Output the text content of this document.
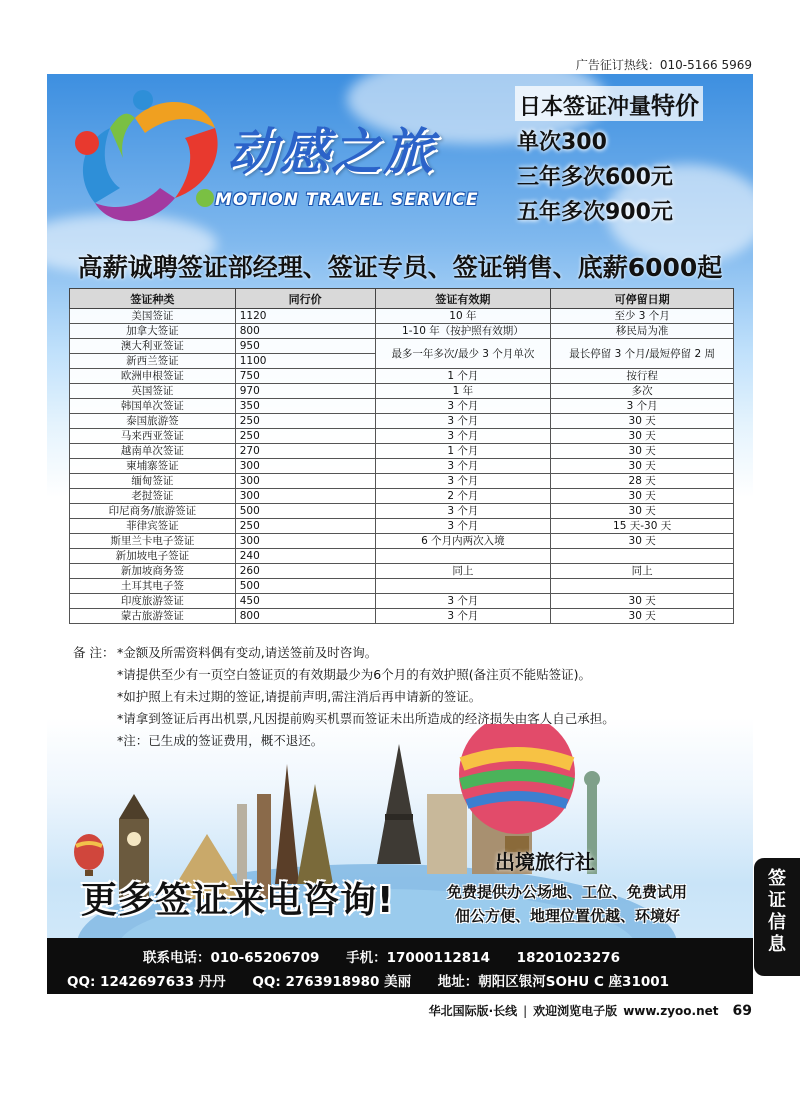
广告征订热线：010-5166 5969
动感之旅
MOTION TRAVEL SERVICE
日本签证冲量特价
单次300
三年多次600元
五年多次900元
高薪诚聘签证部经理、签证专员、签证销售、底薪6000起
签证种类	同行价	签证有效期	可停留日期
美国签证	1120	10 年	至少 3 个月
加拿大签证	800	1-10 年（按护照有效期）	移民局为准
澳大利亚签证	950	最多一年多次/最少 3 个月单次	最长停留 3 个月/最短停留 2 周
新西兰签证	1100		
欧洲申根签证	750	1 个月	按行程
英国签证	970	1 年	多次
韩国单次签证	350	3 个月	3 个月
泰国旅游签	250	3 个月	30 天
马来西亚签证	250	3 个月	30 天
越南单次签证	270	1 个月	30 天
柬埔寨签证	300	3 个月	30 天
缅甸签证	300	3 个月	28 天
老挝签证	300	2 个月	30 天
印尼商务/旅游签证	500	3 个月	30 天
菲律宾签证	250	3 个月	15 天-30 天
斯里兰卡电子签证	300	6 个月内两次入境	30 天
新加坡电子签证	240		
新加坡商务签	260	同上	同上
土耳其电子签	500		
印度旅游签证	450	3 个月	30 天
蒙古旅游签证	800	3 个月	30 天
备 注： *金额及所需资料偶有变动,请送签前及时咨询。
*请提供至少有一页空白签证页的有效期最少为6个月的有效护照(备注页不能贴签证)。
*如护照上有未过期的签证,请提前声明,需注消后再申请新的签证。
*请拿到签证后再出机票,凡因提前购买机票而签证未出所造成的经济损失由客人自己承担。
*注：已生成的签证费用，概不退还。
出境旅行社
免费提供办公场地、工位、免费试用
佃公方便、地理位置优越、环境好
更多签证来电咨询!
联系电话：010-65206709 手机：17000112814 18201023276
QQ: 1242697633 丹丹 QQ: 2763918980 美丽 地址：朝阳区银河SOHU C 座31001
签
证
信
息
华北国际版·长线 | 欢迎浏览电子版 www.zyoo.net 69
